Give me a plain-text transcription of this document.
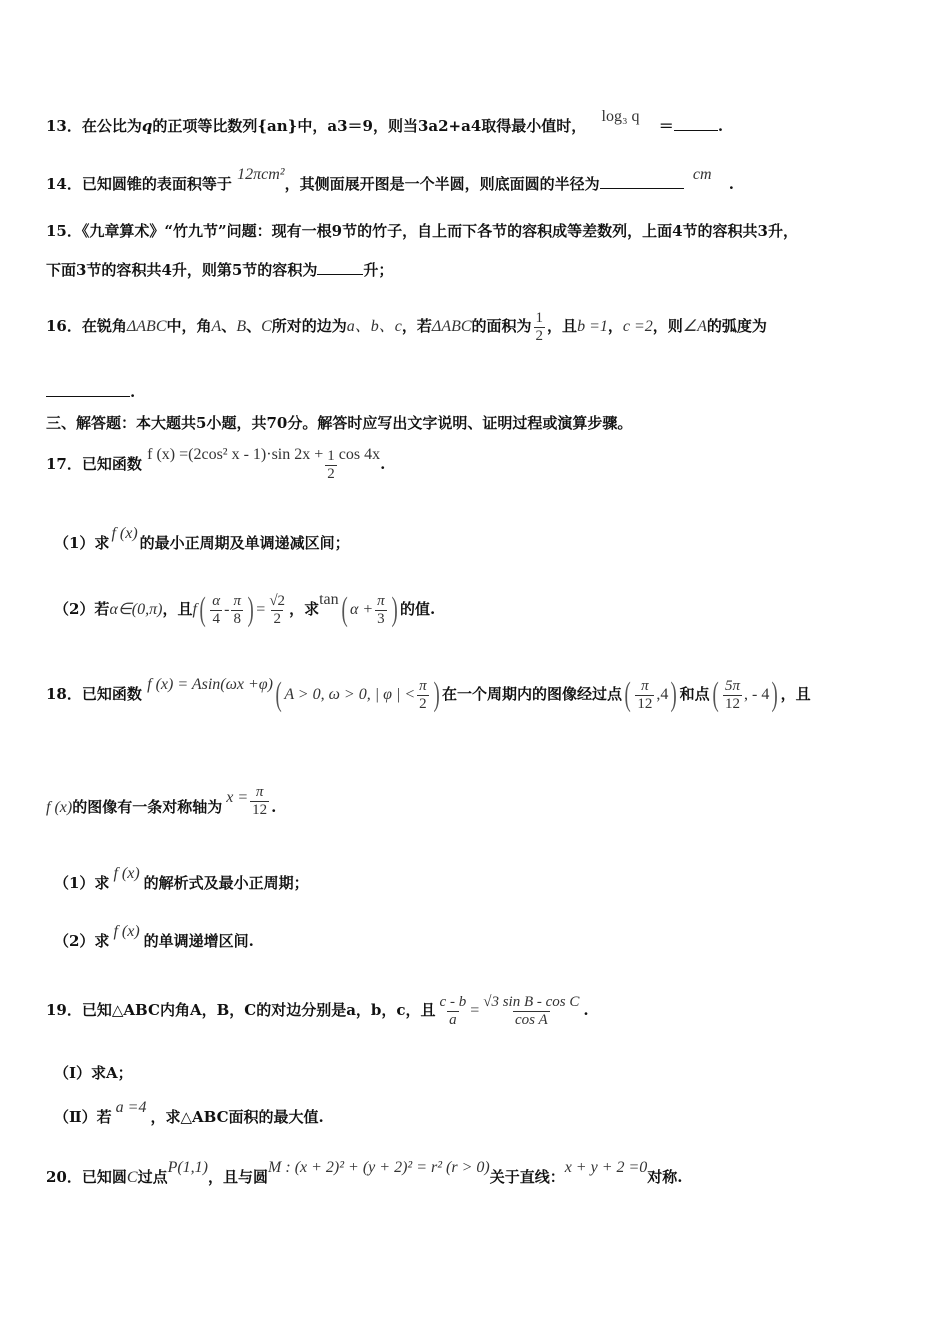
13．在公比为q的正项等比数列{an}中，a3＝9，则当3a2+a4取得最小值时， log₃ q ＝	.
14．已知圆锥的表面积等于 12πcm²，其侧面展开图是一个半圆，则底面圆的半径为 cm .
15．《九章算术》“竹九节”问题：现有一根9节的竹子，自上而下各节的容积成等差数列，上面4节的容积共3升，
下面3节的容积共4升，则第5节的容积为	升；
16．在锐角ΔABC中，角A、B、C所对的边为a、b、c，若ΔABC的面积为 $\frac{1}{2}$ ，且b =1，c =2，则∠A的弧度为
.
三、解答题：本大题共5小题，共70分。解答时应写出文字说明、证明过程或演算步骤。
17．已知函数 f (x) =(2cos² x - 1)·sin $2x + \frac{1}{2}$ cos 4x.
（1）求f (x)的最小正周期及单调递减区间；
（2）若α∈(0,π)，且$f( \frac{\alpha}{4} - \frac{\pi}{8}$ ) = $\frac{√2}{2}$ ，求tan( $\alpha + \frac{\pi}{3}$ ) 的值.
18．已知函数 f (x) = Asin(ωx +φ)( A > 0, ω > 0, | φ | < $\frac{\pi}{2}$ ) 在一个周期内的图像经过点( $\frac{\pi}{12} ,4$) 和点( $\frac{5\pi}{12}$ , - 4) ，且
f (x)的图像有一条对称轴为$x = \frac{\pi}{12}$ .
（1）求f (x)的解析式及最小正周期；
（2）求f (x)的单调递增区间.
19．已知△ABC内角A，B，C的对边分别是a，b，c，且 $\frac{c - b}{a} = \frac{\text{√3 sin B - cos C}}{\text{cos A}}$ .
（Ⅰ）求A；
（Ⅱ）若a =4，求△ABC面积的最大值.
20．已知圆C过点P(1,1)，且与圆M : (x + 2)² + (y + 2)² = r² (r > 0)关于直线：x + y + 2 =0对称.
